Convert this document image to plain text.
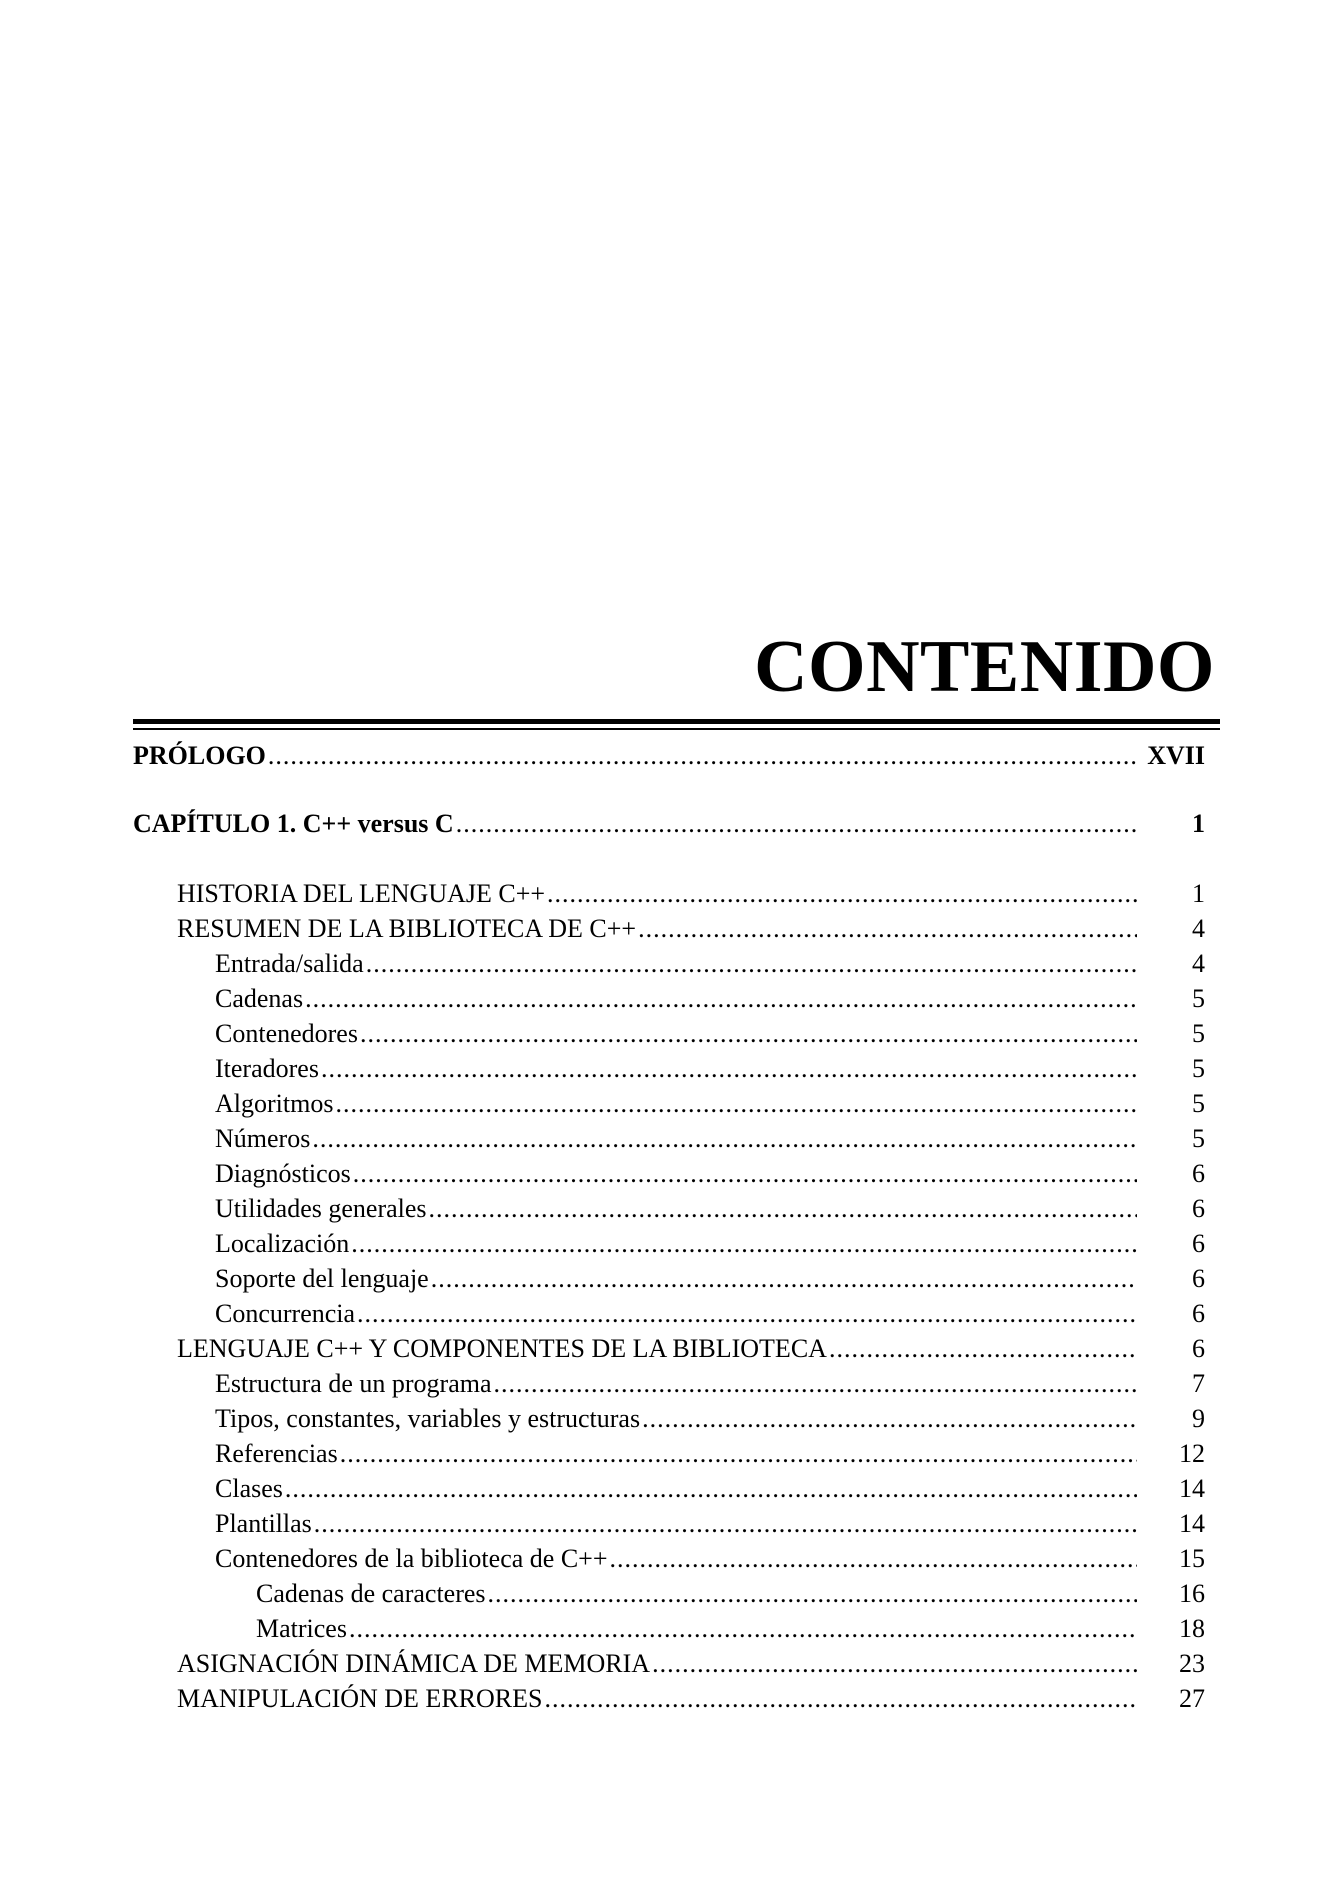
CONTENIDO
PRÓLOGO .....	XVII
CAPÍTULO 1. C++ versus C .....	1
HISTORIA DEL LENGUAJE C++ .....	1
RESUMEN DE LA BIBLIOTECA DE C++ .....	4
Entrada/salida .....	4
Cadenas .....	5
Contenedores .....	5
Iteradores .....	5
Algoritmos .....	5
Números .....	5
Diagnósticos .....	6
Utilidades generales .....	6
Localización .....	6
Soporte del lenguaje .....	6
Concurrencia .....	6
LENGUAJE C++ Y COMPONENTES DE LA BIBLIOTECA .....	6
Estructura de un programa .....	7
Tipos, constantes, variables y estructuras .....	9
Referencias .....	12
Clases .....	14
Plantillas .....	14
Contenedores de la biblioteca de C++ .....	15
Cadenas de caracteres .....	16
Matrices .....	18
ASIGNACIÓN DINÁMICA DE MEMORIA .....	23
MANIPULACIÓN DE ERRORES .....	27
